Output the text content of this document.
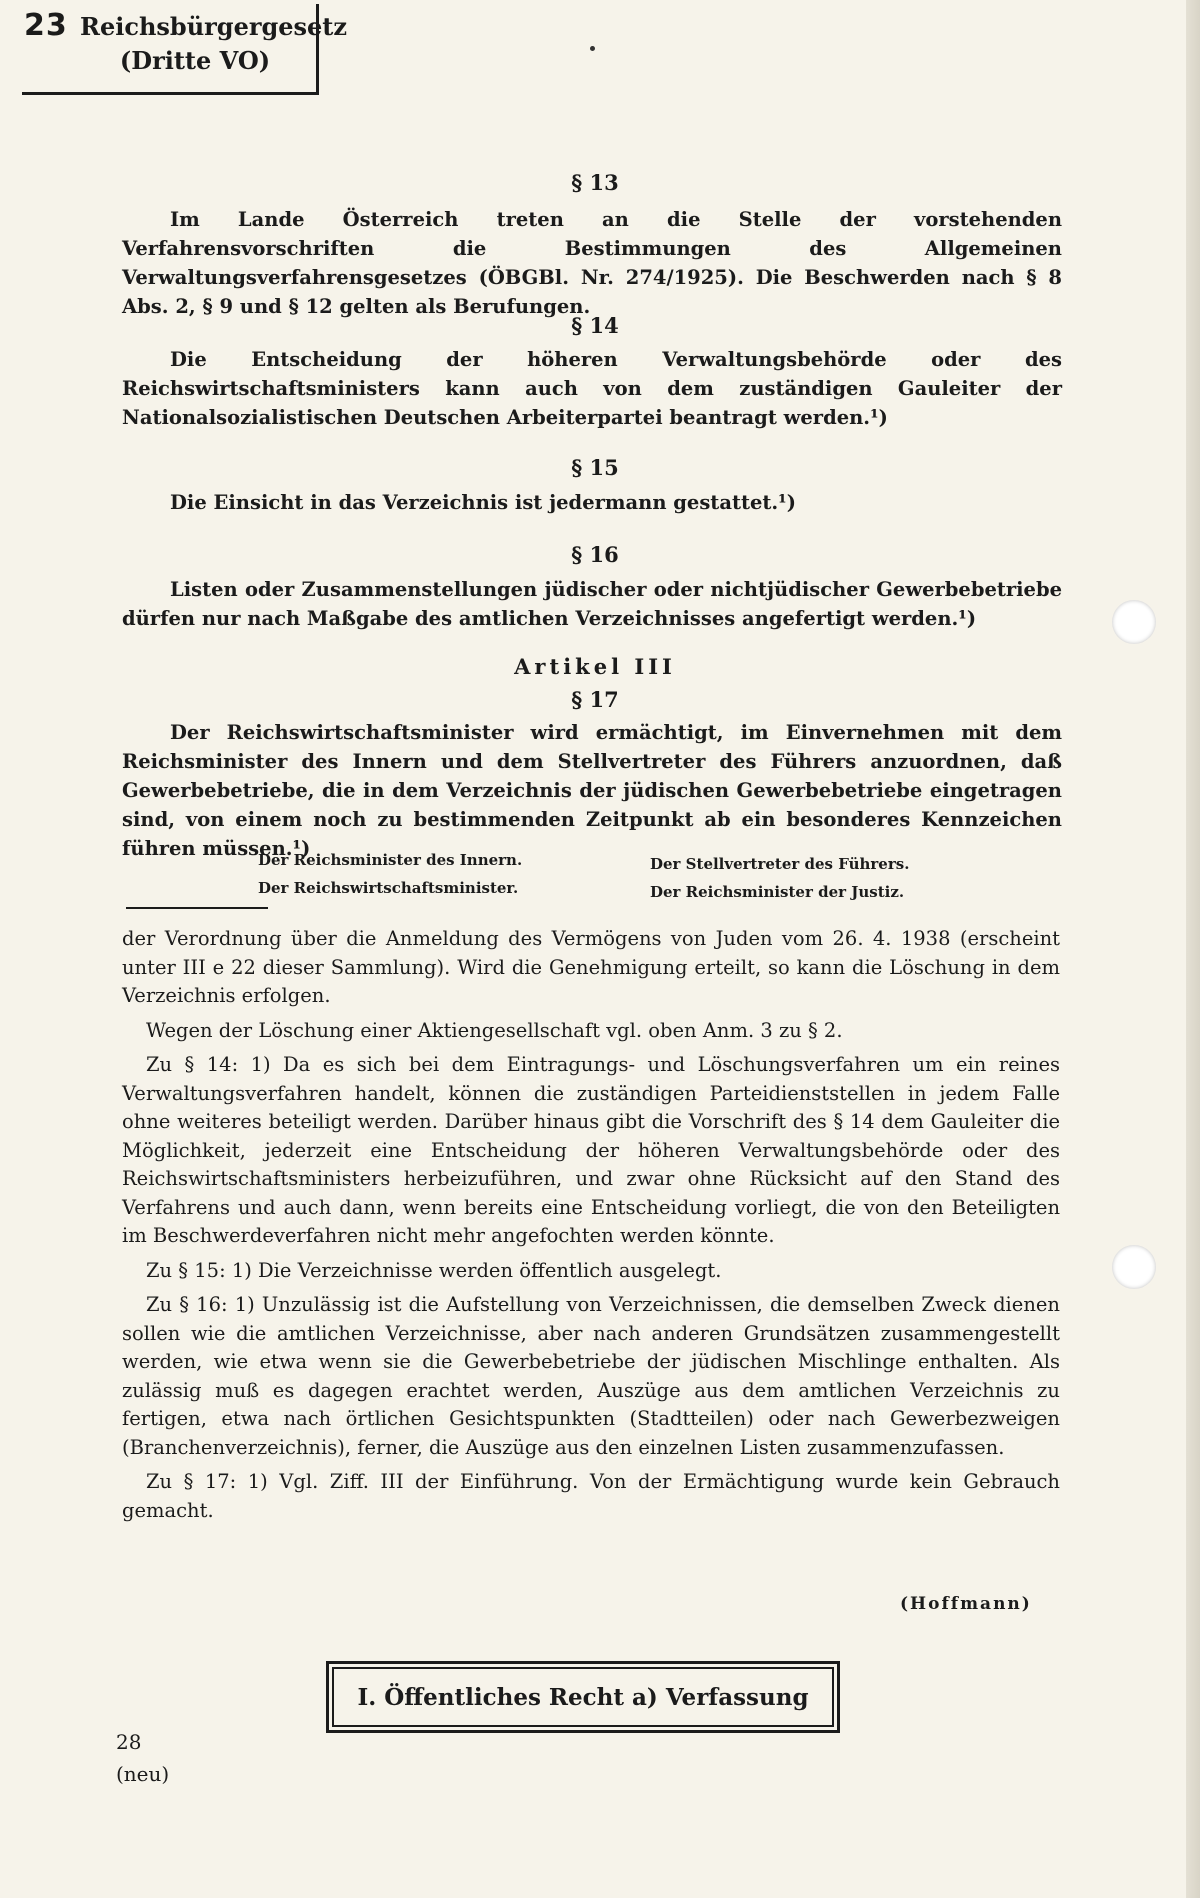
23 Reichsbürgergesetz
(Dritte VO)
§ 13

Im Lande Österreich treten an die Stelle der vorstehenden Verfahrensvorschriften die Bestimmungen des Allgemeinen Verwaltungsverfahrensgesetzes (ÖBGBl. Nr. 274/1925). Die Beschwerden nach § 8 Abs. 2, § 9 und § 12 gelten als Berufungen.

§ 14

Die Entscheidung der höheren Verwaltungsbehörde oder des Reichswirtschaftsministers kann auch von dem zuständigen Gauleiter der Nationalsozialistischen Deutschen Arbeiterpartei beantragt werden.¹)

§ 15

Die Einsicht in das Verzeichnis ist jedermann gestattet.¹)

§ 16

Listen oder Zusammenstellungen jüdischer oder nichtjüdischer Gewerbebetriebe dürfen nur nach Maßgabe des amtlichen Verzeichnisses angefertigt werden.¹)

Artikel III
§ 17

Der Reichswirtschaftsminister wird ermächtigt, im Einvernehmen mit dem Reichsminister des Innern und dem Stellvertreter des Führers anzuordnen, daß Gewerbebetriebe, die in dem Verzeichnis der jüdischen Gewerbebetriebe eingetragen sind, von einem noch zu bestimmenden Zeitpunkt ab ein besonderes Kennzeichen führen müssen.¹)

Der Reichsminister des Innern.
Der Reichswirtschaftsminister.
Der Stellvertreter des Führers.
Der Reichsminister der Justiz.

der Verordnung über die Anmeldung des Vermögens von Juden vom 26. 4. 1938 (erscheint unter III e 22 dieser Sammlung). Wird die Genehmigung erteilt, so kann die Löschung in dem Verzeichnis erfolgen.

Wegen der Löschung einer Aktiengesellschaft vgl. oben Anm. 3 zu § 2.

Zu § 14: 1) Da es sich bei dem Eintragungs- und Löschungsverfahren um ein reines Verwaltungsverfahren handelt, können die zuständigen Parteidienststellen in jedem Falle ohne weiteres beteiligt werden. Darüber hinaus gibt die Vorschrift des § 14 dem Gauleiter die Möglichkeit, jederzeit eine Entscheidung der höheren Verwaltungsbehörde oder des Reichswirtschaftsministers herbeizuführen, und zwar ohne Rücksicht auf den Stand des Verfahrens und auch dann, wenn bereits eine Entscheidung vorliegt, die von den Beteiligten im Beschwerdeverfahren nicht mehr angefochten werden könnte.

Zu § 15: 1) Die Verzeichnisse werden öffentlich ausgelegt.

Zu § 16: 1) Unzulässig ist die Aufstellung von Verzeichnissen, die demselben Zweck dienen sollen wie die amtlichen Verzeichnisse, aber nach anderen Grundsätzen zusammengestellt werden, wie etwa wenn sie die Gewerbebetriebe der jüdischen Mischlinge enthalten. Als zulässig muß es dagegen erachtet werden, Auszüge aus dem amtlichen Verzeichnis zu fertigen, etwa nach örtlichen Gesichtspunkten (Stadtteilen) oder nach Gewerbezweigen (Branchenverzeichnis), ferner, die Auszüge aus den einzelnen Listen zusammenzufassen.

Zu § 17: 1) Vgl. Ziff. III der Einführung. Von der Ermächtigung wurde kein Gebrauch gemacht.

(Hoffmann)
I. Öffentliches Recht a) Verfassung
28
(neu)
